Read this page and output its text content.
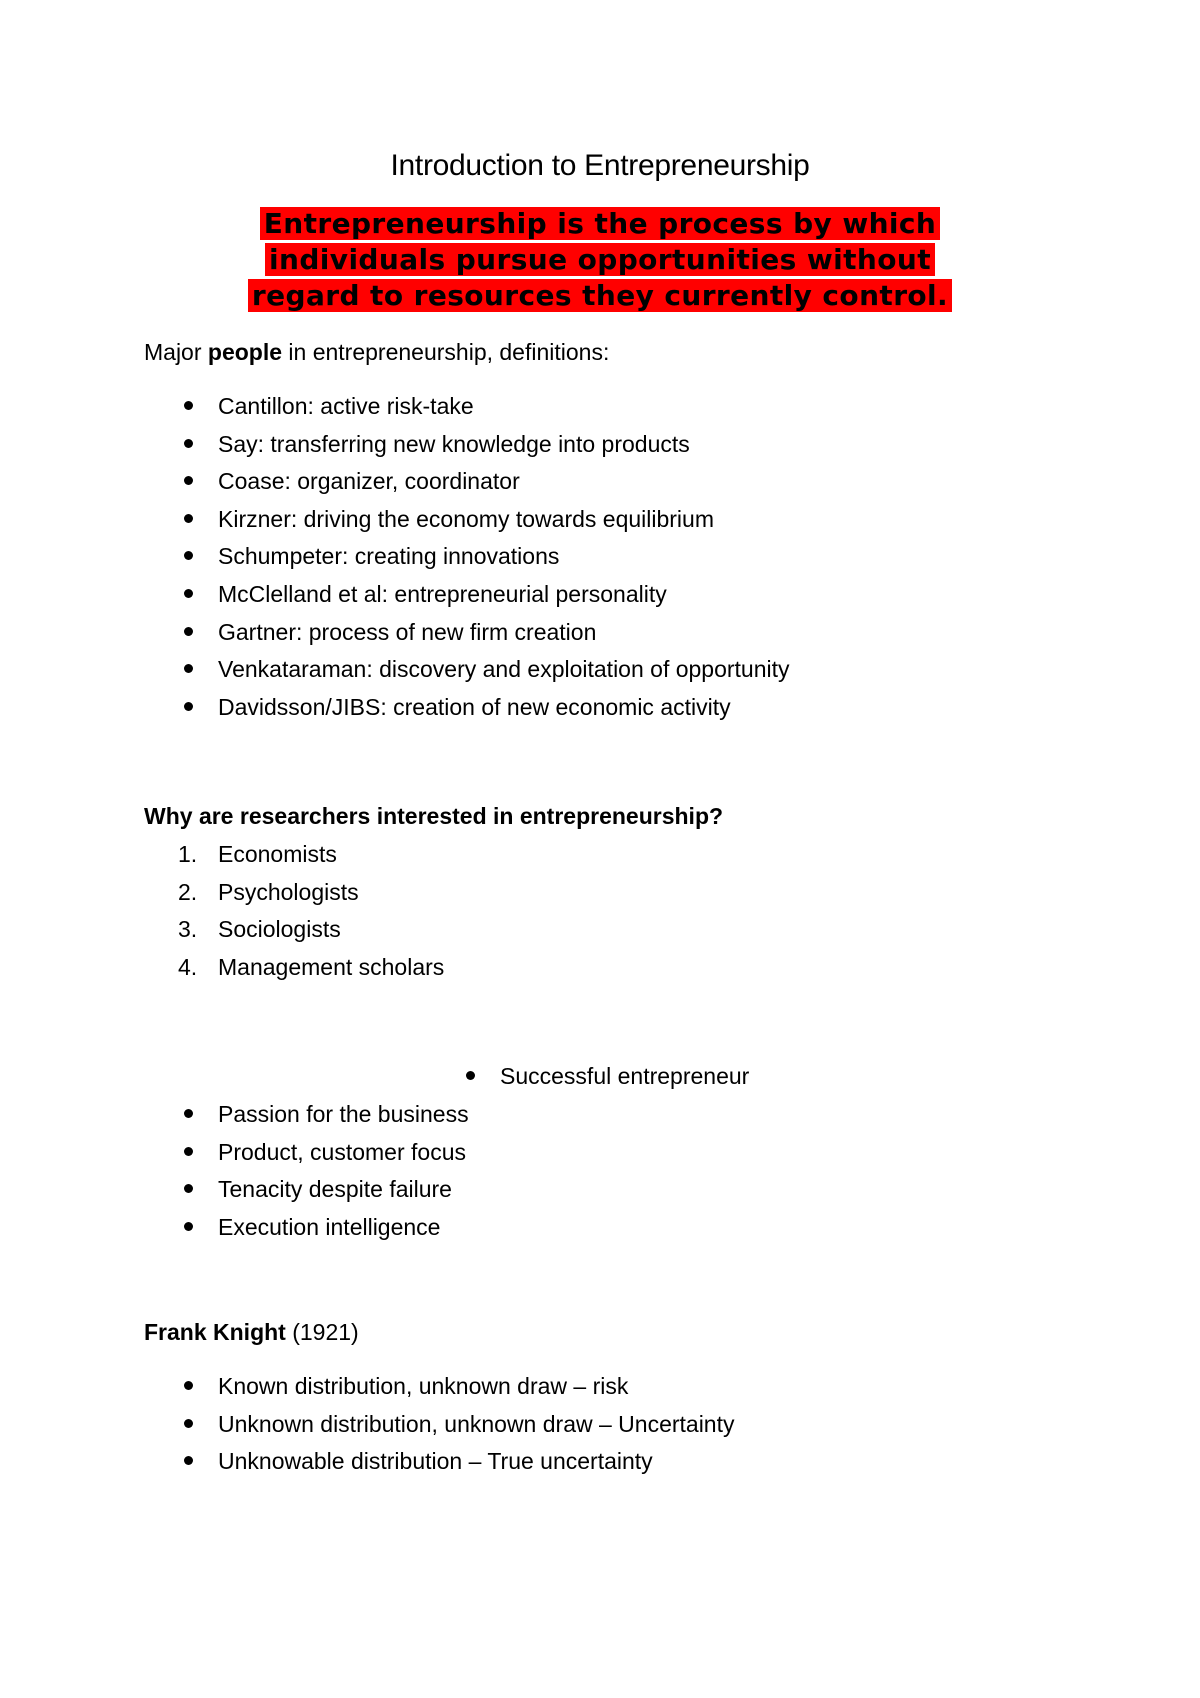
Introduction to Entrepreneurship
Entrepreneurship is the process by which
individuals pursue opportunities without
regard to resources they currently control.
Major people in entrepreneurship, definitions:
Cantillon: active risk-take
Say: transferring new knowledge into products
Coase: organizer, coordinator
Kirzner: driving the economy towards equilibrium
Schumpeter: creating innovations
McClelland et al: entrepreneurial personality
Gartner: process of new firm creation
Venkataraman: discovery and exploitation of opportunity
Davidsson/JIBS: creation of new economic activity
Why are researchers interested in entrepreneurship?
1. Economists
2. Psychologists
3. Sociologists
4. Management scholars
Successful entrepreneur
Passion for the business
Product, customer focus
Tenacity despite failure
Execution intelligence
Frank Knight (1921)
Known distribution, unknown draw – risk
Unknown distribution, unknown draw – Uncertainty
Unknowable distribution – True uncertainty
